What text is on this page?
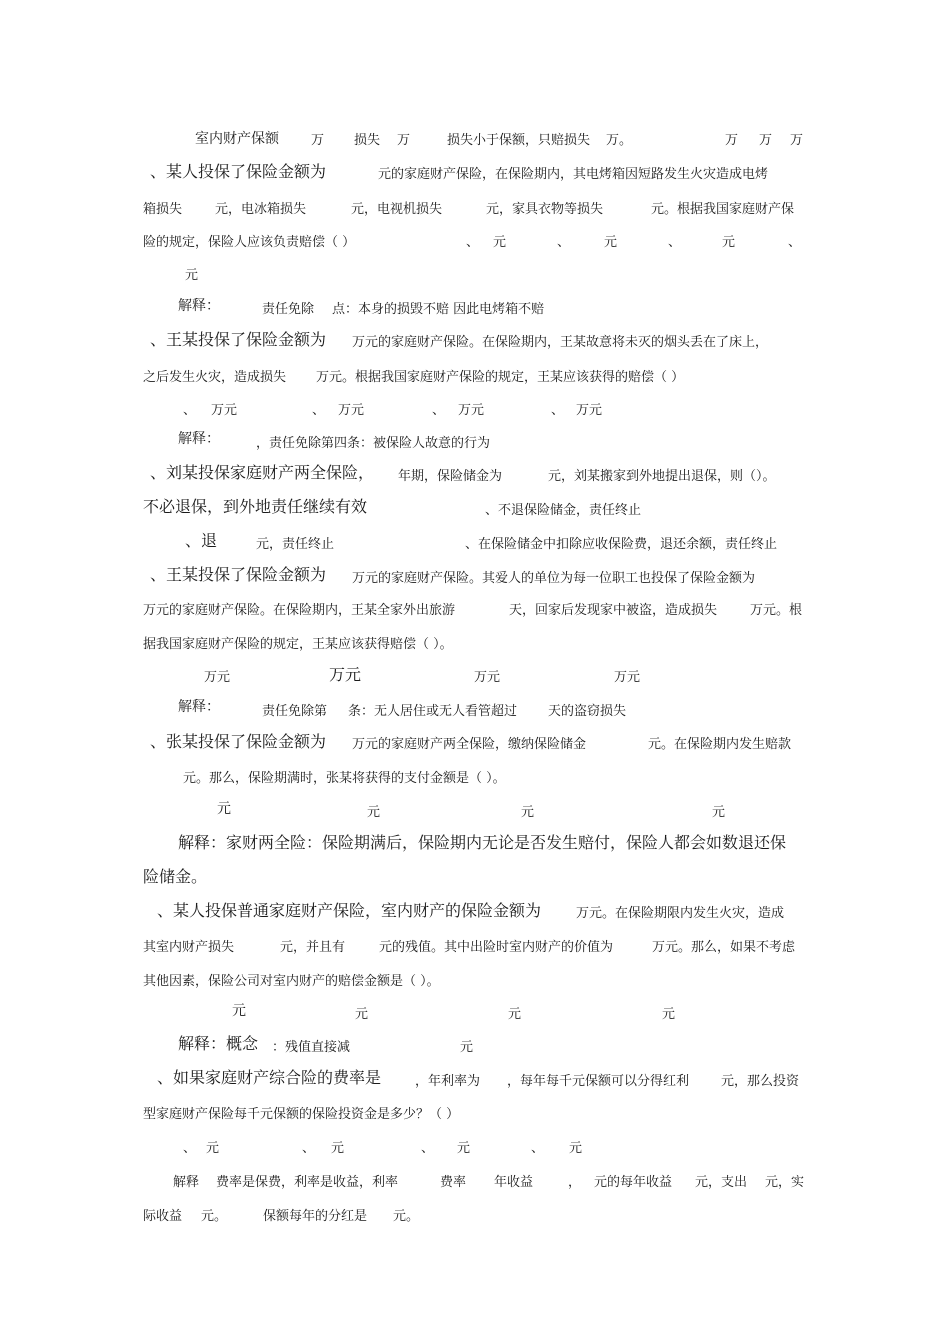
室内财产保额 万 损失 万	损失小于保额，只赔损失 万。	万 万 万
、某人投保了保险金额为	元的家庭财产保险，在保险期内，其电烤箱因短路发生火灾造成电烤
箱损失	元，电冰箱损失	元，电视机损失	元，家具衣物等损失	元。根据我国家庭财产保
险的规定，保险人应该负责赔偿（ ）	、 元	、	元	、	元	、
元
解释：	责任免除 点：本身的损毁不赔 因此电烤箱不赔
、王某投保了保险金额为 万元的家庭财产保险。在保险期内，王某故意将未灭的烟头丢在了床上，
之后发生火灾，造成损失 万元。根据我国家庭财产保险的规定，王某应该获得的赔偿（ ）
、 万元	、 万元	、 万元	、 万元
解释：	，责任免除第四条：被保险人故意的行为
、刘某投保家庭财产两全保险， 年期，保险储金为	元，刘某搬家到外地提出退保，则（）。
不必退保，到外地责任继续有效	、不退保险储金，责任终止
、退	元，责任终止	、在保险储金中扣除应收保险费，退还余额，责任终止
、王某投保了保险金额为 万元的家庭财产保险。其爱人的单位为每一位职工也投保了保险金额为
万元的家庭财产保险。在保险期内，王某全家外出旅游	天，回家后发现家中被盗，造成损失	万元。根
据我国家庭财产保险的规定，王某应该获得赔偿（ ）。
万元	万元	万元	万元
解释：	责任免除第 条：无人居住或无人看管超过 天的盗窃损失
、张某投保了保险金额为 万元的家庭财产两全保险，缴纳保险储金	元。在保险期内发生赔款
元。那么，保险期满时，张某将获得的支付金额是（ ）。
元	元	元	元
解释：家财两全险：保险期满后，保险期内无论是否发生赔付，保险人都会如数退还保
险储金。
、某人投保普通家庭财产保险，室内财产的保险金额为	万元。在保险期限内发生火灾，造成
其室内财产损失	元，并且有	元的残值。其中出险时室内财产的价值为	万元。那么，如果不考虑
其他因素，保险公司对室内财产的赔偿金额是（ ）。
元	元	元	元
解释：概念 ：残值直接减	元
、如果家庭财产综合险的费率是	，年利率为 ，每年每千元保额可以分得红利 元，那么投资
型家庭财产保险每千元保额的保险投资金是多少？（ ）
、 元	、 元	、 元	、 元
解释 费率是保费，利率是收益，利率	费率 年收益	， 元的每年收益 元，支出 元，实
际收益 元。	保额每年的分红是 元。
